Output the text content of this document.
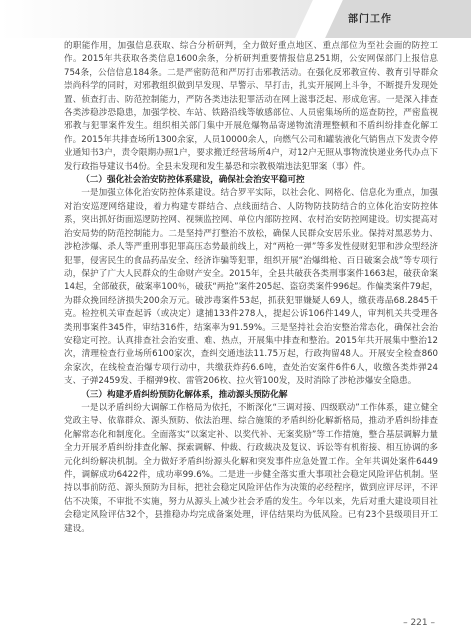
部门工作

的职能作用，加强信息获取、综合分析研判，全力做好重点地区、重点部位为至社会面的防控工作。2015年共获取各类信息1600余条，分析研判重要情报信息251期，公安网保部门上报信息754条，公信信息184条。二是严密防范和严厉打击邪教活动。在强化反邪教宣传、教育引导群众崇尚科学的同时，对邪教组织做到早发现、早警示、早打击，扎实开展网上斗争，不断提升发现处置、侦查打击、防范控制能力，严防各类违法犯罪活动在网上滋事泛起、形成危害。一是深入排查各类涉稳涉恐隐患，加强学校、车站、铁路沿线等敏感部位、人员密集场所的巡查防控，严密监视邪教与犯罪案件发生。组织相关部门集中开展危爆物品寄递物流清理整顿和不盾纠纷排查化解工作。2015年共排查场所1300余家，人员10000余人，向燃气公司和罐装液化气销售点下发责令停业通知书3户，责令限期办照1户，要求搬迁经营场所4户，对12户无照从事物流快递业务代办点下发行政指导建议书4份。全县未发现和发生暴恐和宗教极端违法犯罪案（事）件。

（二）强化社会治安防控体系建设，确保社会治安平稳可控

一是加强立体化治安防控体系建设。结合罗平实际，以社会化、网格化、信息化为重点，加强对治安巡逻网络建设，着力构建专群结合、点线面结合、人防物防技防结合的立体化治安防控体系，突出抓好街面巡逻防控网、视频监控网、单位内部防控网、农村治安防控网建设。切实提高对治安局势的防范控制能力。二是坚持严打整治不放松，确保人民群众安居乐业。保持对黑恶势力、涉枪涉爆、杀人等严重刑事犯罪高压态势最前线上，对“两枪一弹”等多发性侵财犯罪和涉众型经济犯罪，侵害民生的食品药品安全、经济诈骗等犯罪，组织开展“治爆缉枪、百日破案会战”等专项行动，保护了广大人民群众的生命财产安全。2015年，全县共破获各类刑事案件1663起，破获命案14起，全部破获，破案率100％，破获“两抢”案件205起、盗窃类案件996起。作偏类案件79起，为群众挽回经济损失200余万元。破涉毒案件53起，抓获犯罪嫌疑人69人，缴获毒品68.2845千克。检控机关审查起诉（或决定）逮捕133件278人，提起公诉106件149人，审判机关共受理各类刑事案件345件，审结316件，结案率为91.59%。三是坚持社会治安整治常态化，确保社会治安稳定可控。认真排查社会治安重、难、热点，开展集中排查和整治。2015年共开展集中整治12次，清理检查行业场所6100家次，查纠交通违法11.75万起，行政拘留48人。开展安全检查860余家次，在线检查治爆专项行动中，共缴获炸药6.6吨，查处治安案件6件6人，收缴各类炸弹24支、子弹2459发、手榴弹9枚、雷管206枚、拉火管100发，及时消除了涉枪涉爆安全隐患。

（三）构建矛盾纠纷预防化解体系，推动源头预防化解

一是以矛盾纠纷大调解工作格局为依托，不断深化“三调对接、四级联动”工作体系，建立健全党政主导、依靠群众、源头预防、依法治理、综合施策的矛盾纠纷化解新格局，推动矛盾纠纷排查化解常态化和制度化。全面落实“以案定补、以奖代补、无案奖励”等工作措施，整合基层调解力量全力开展矛盾纠纷排查化解、探索调解、仲裁、行政裁决及复议、诉讼等有机衔接、相互协调的多元化纠纷解决机制。全力做好矛盾纠纷源头化解和突发事件应急处置工作。全年共调处案件6449件，调解成功6422件，成功率99.6%。二是进一步健全落实重大事项社会稳定风险评估机制。坚持以事前防范、源头预防为目标，把社会稳定风险评估作为决策的必经程序，做到应评尽评，不评估不决策，不审批不实施，努力从源头上减少社会矛盾的发生。今年以来，先后对重大建设项目社会稳定风险评估32个，县推稳办均完成备案处理，评估结果均为低风险。已有23个县级项目开工建设。

– 221 –
